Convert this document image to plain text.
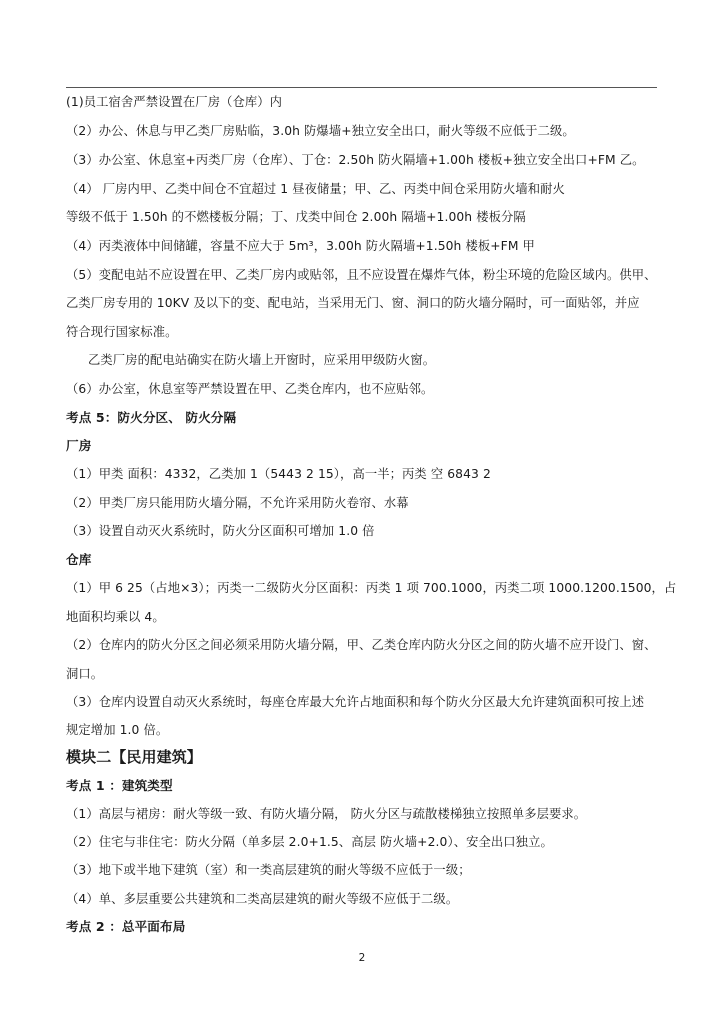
(1)员工宿舍严禁设置在厂房（仓库）内
（2）办公、休息与甲乙类厂房贴临，3.0h 防爆墙+独立安全出口，耐火等级不应低于二级。
（3）办公室、休息室+丙类厂房（仓库）、丁仓：2.50h 防火隔墙+1.00h 楼板+独立安全出口+FM 乙。
（4） 厂房内甲、乙类中间仓不宜超过 1 昼夜储量；甲、乙、丙类中间仓采用防火墙和耐火
等级不低于 1.50h 的不燃楼板分隔；丁、戊类中间仓 2.00h 隔墙+1.00h 楼板分隔
（4）丙类液体中间储罐，容量不应大于 5m³，3.00h 防火隔墙+1.50h 楼板+FM 甲
（5）变配电站不应设置在甲、乙类厂房内或贴邻，且不应设置在爆炸气体，粉尘环境的危险区域内。供甲、
乙类厂房专用的 10KV 及以下的变、配电站，当采用无门、窗、洞口的防火墙分隔时，可一面贴邻，并应
符合现行国家标准。
乙类厂房的配电站确实在防火墙上开窗时，应采用甲级防火窗。
（6）办公室，休息室等严禁设置在甲、乙类仓库内，也不应贴邻。
考点 5：防火分区、 防火分隔
厂房
（1）甲类 面积：4332，乙类加 1（5443 2 15），高一半；丙类 空 6843 2
（2）甲类厂房只能用防火墙分隔，不允许采用防火卷帘、水幕
（3）设置自动灭火系统时，防火分区面积可增加 1.0 倍
仓库
（1）甲 6 25（占地×3）；丙类一二级防火分区面积：丙类 1 项 700.1000，丙类二项 1000.1200.1500，占
地面积均乘以 4。
（2）仓库内的防火分区之间必须采用防火墙分隔，甲、乙类仓库内防火分区之间的防火墙不应开设门、窗、
洞口。
（3）仓库内设置自动灭火系统时，每座仓库最大允许占地面积和每个防火分区最大允许建筑面积可按上述
规定增加 1.0 倍。
模块二【民用建筑】
考点 1 ：建筑类型
（1）高层与裙房：耐火等级一致、有防火墙分隔， 防火分区与疏散楼梯独立按照单多层要求。
（2）住宅与非住宅：防火分隔（单多层 2.0+1.5、高层 防火墙+2.0）、安全出口独立。
（3）地下或半地下建筑（室）和一类高层建筑的耐火等级不应低于一级；
（4）单、多层重要公共建筑和二类高层建筑的耐火等级不应低于二级。
考点 2 ：总平面布局
2
